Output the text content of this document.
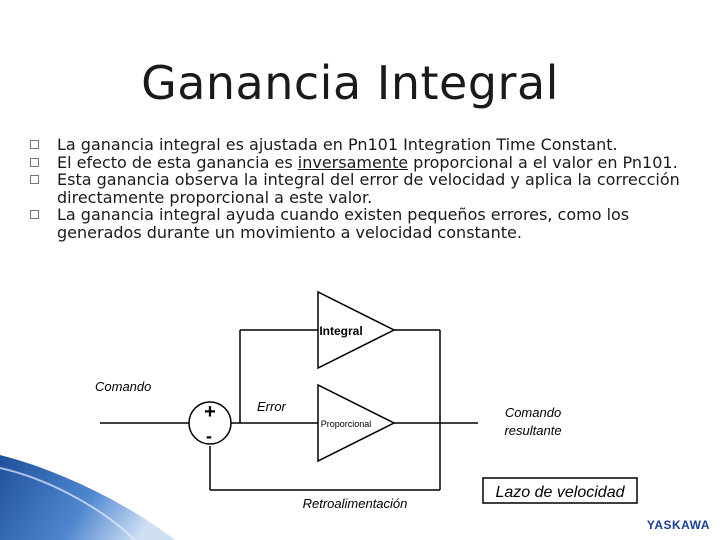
Ganancia Integral
La ganancia integral es ajustada en Pn101 Integration Time Constant.
El efecto de esta ganancia es inversamente proporcional a el valor en Pn101.
Esta ganancia observa la integral del error de velocidad y aplica la corrección directamente proporcional a este valor.
La ganancia integral ayuda cuando existen pequeños errores, como los generados durante un movimiento a velocidad constante.
+
-
Integral
Proporcional
Comando
Error	Comando
resultante
Retroalimentación
Lazo de velocidad
YASKAWA
